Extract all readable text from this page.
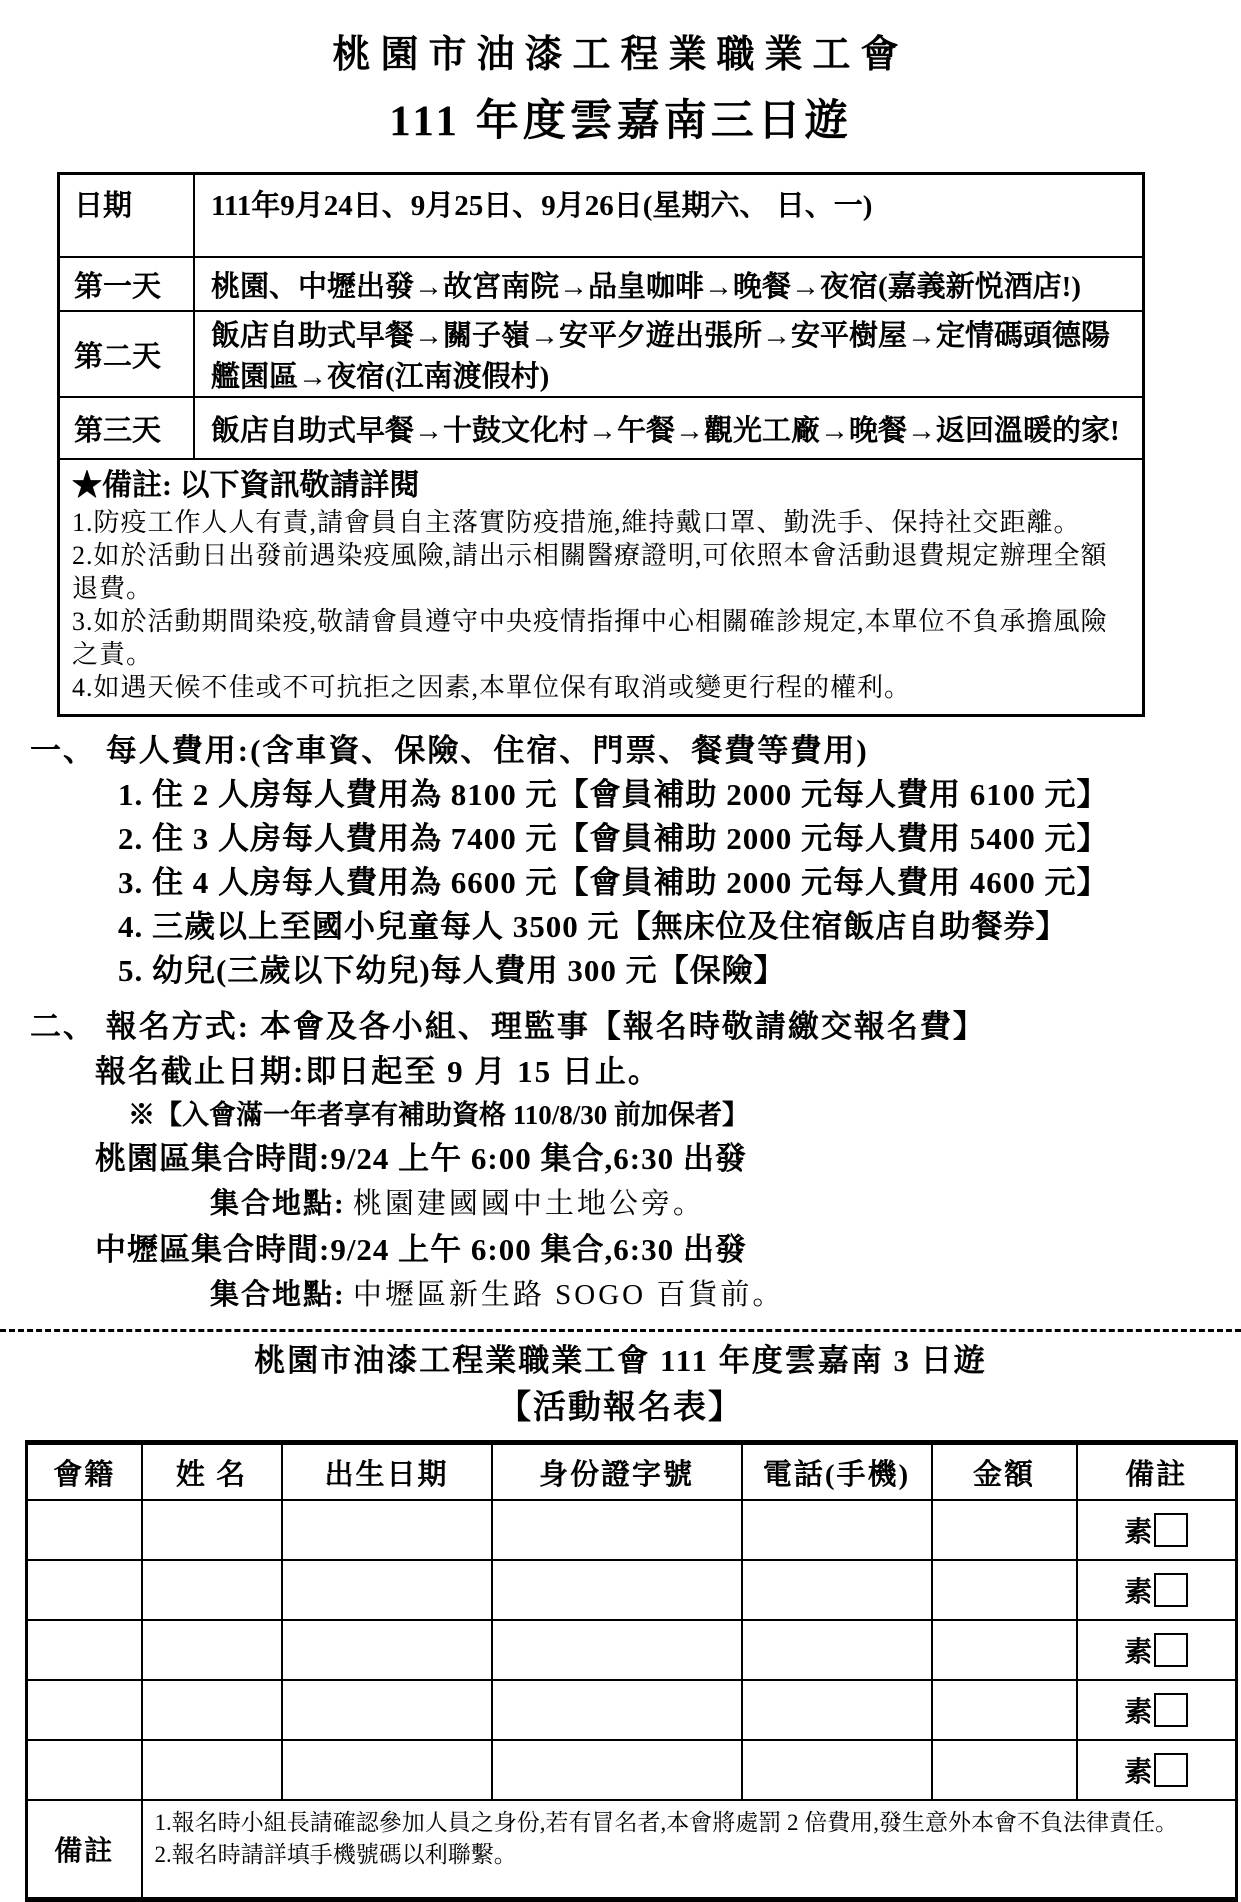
桃園市油漆工程業職業工會
111 年度雲嘉南三日遊
日期	111年9月24日、9月25日、9月26日(星期六、 日、一)
第一天	桃園、中壢出發→故宮南院→品皇咖啡→晚餐→夜宿(嘉義新悦酒店!)
第二天	飯店自助式早餐→關子嶺→安平夕遊出張所→安平樹屋→定情碼頭德陽艦園區→夜宿(江南渡假村)
第三天	飯店自助式早餐→十鼓文化村→午餐→觀光工廠→晚餐→返回溫暖的家!

★備註: 以下資訊敬請詳閱
1.防疫工作人人有責,請會員自主落實防疫措施,維持戴口罩、勤洗手、保持社交距離。
2.如於活動日出發前遇染疫風險,請出示相關醫療證明,可依照本會活動退費規定辦理全額退費。
3.如於活動期間染疫,敬請會員遵守中央疫情指揮中心相關確診規定,本單位不負承擔風險之責。
4.如遇天候不佳或不可抗拒之因素,本單位保有取消或變更行程的權利。	
一、 每人費用:(含車資、保險、住宿、門票、餐費等費用)
1. 住 2 人房每人費用為 8100 元【會員補助 2000 元每人費用 6100 元】
2. 住 3 人房每人費用為 7400 元【會員補助 2000 元每人費用 5400 元】
3. 住 4 人房每人費用為 6600 元【會員補助 2000 元每人費用 4600 元】
4. 三歲以上至國小兒童每人 3500 元【無床位及住宿飯店自助餐券】
5. 幼兒(三歲以下幼兒)每人費用 300 元【保險】
二、 報名方式: 本會及各小組、理監事【報名時敬請繳交報名費】
報名截止日期:即日起至 9 月 15 日止。
※【入會滿一年者享有補助資格 110/8/30 前加保者】
桃園區集合時間:9/24 上午 6:00 集合,6:30 出發
集合地點: 桃園建國國中土地公旁。
中壢區集合時間:9/24 上午 6:00 集合,6:30 出發
集合地點: 中壢區新生路 SOGO 百貨前。
桃園市油漆工程業職業工會 111 年度雲嘉南 3 日遊
【活動報名表】
會籍	姓 名	出生日期	身份證字號	電話(手機)	金額	備註
						素
						素
						素
						素
						素
備註	1.報名時小組長請確認參加人員之身份,若有冒名者,本會將處罰 2 倍費用,發生意外本會不負法律責任。
2.報名時請詳填手機號碼以利聯繫。					
